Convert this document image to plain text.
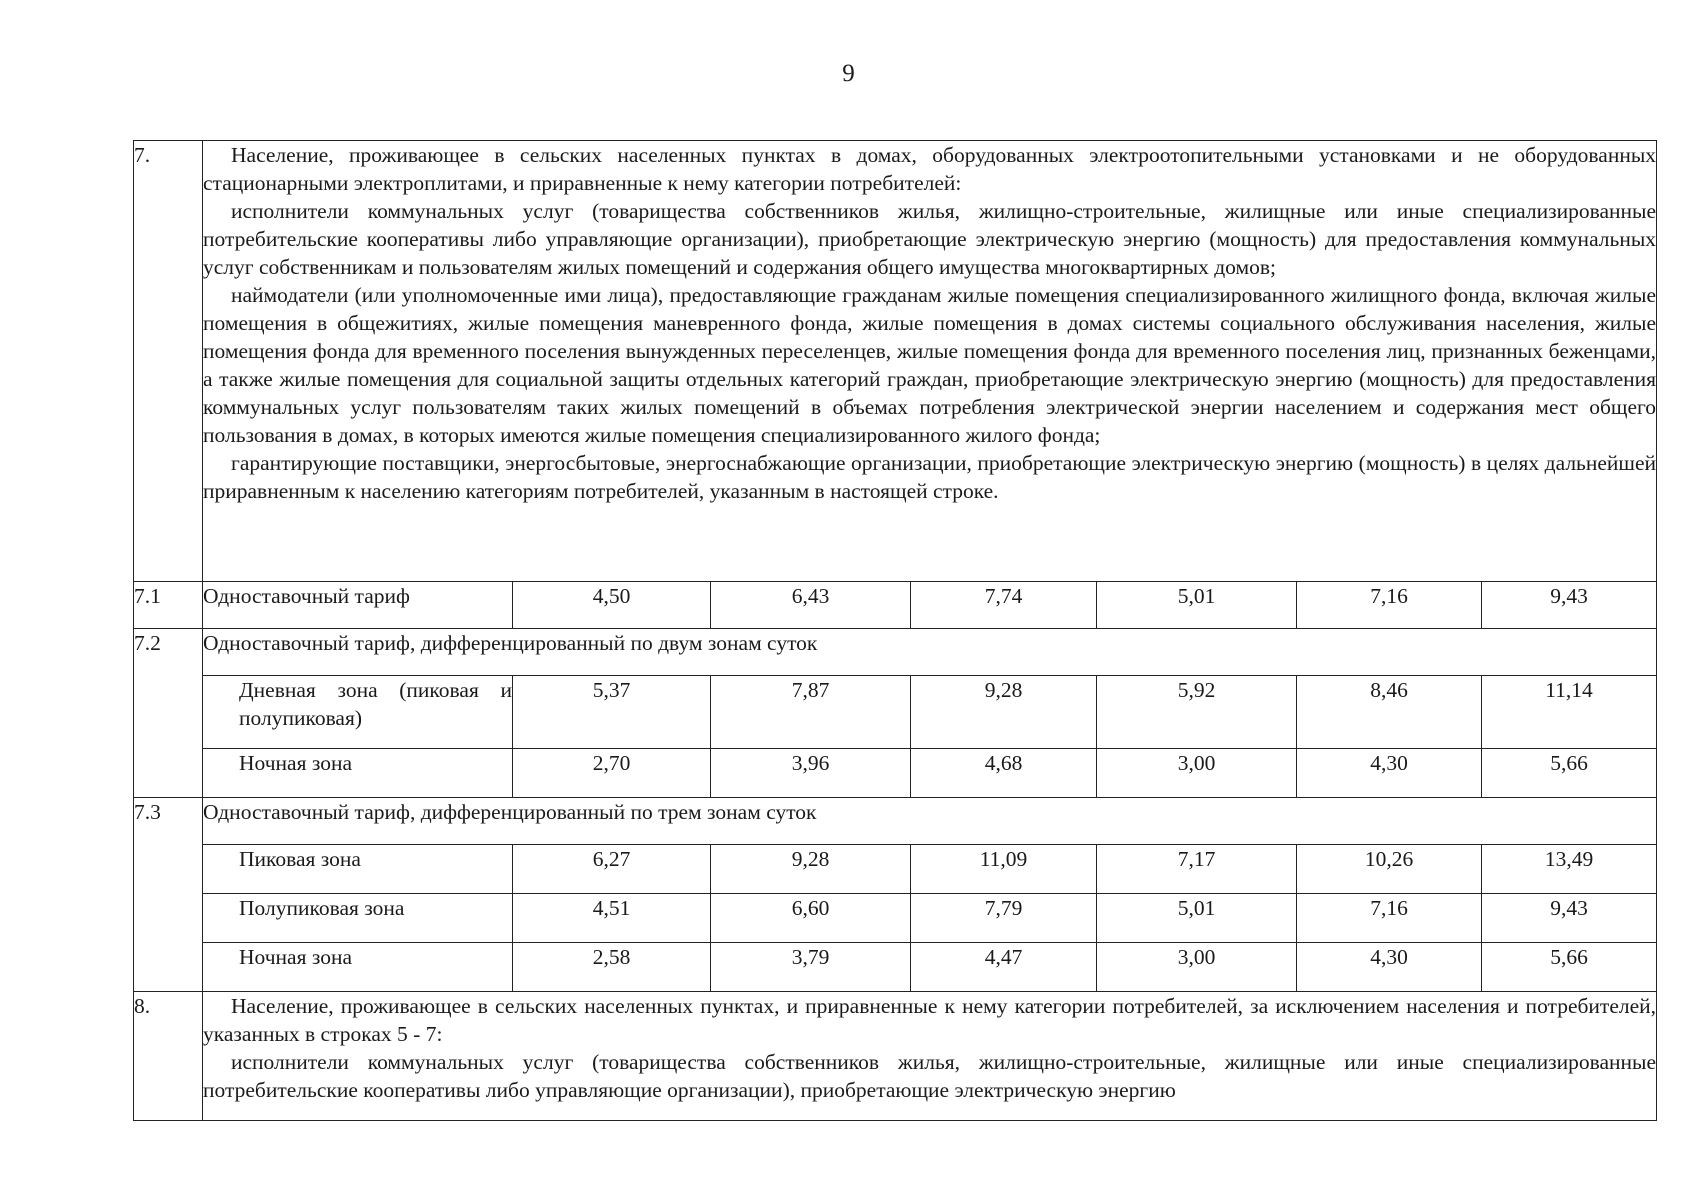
9
7.	Население, проживающее в сельских населенных пунктах в домах, оборудованных электроотопительными установками и не оборудованных стационарными электроплитами, и приравненные к нему категории потребителей:

исполнители коммунальных услуг (товарищества собственников жилья, жилищно-строительные, жилищные или иные специализированные потребительские кооперативы либо управляющие организации), приобретающие электрическую энергию (мощность) для предоставления коммунальных услуг собственникам и пользователям жилых помещений и содержания общего имущества многоквартирных домов;

наймодатели (или уполномоченные ими лица), предоставляющие гражданам жилые помещения специализированного жилищного фонда, включая жилые помещения в общежитиях, жилые помещения маневренного фонда, жилые помещения в домах системы социального обслуживания населения, жилые помещения фонда для временного поселения вынужденных переселенцев, жилые помещения фонда для временного поселения лиц, признанных беженцами, а также жилые помещения для социальной защиты отдельных категорий граждан, приобретающие электрическую энергию (мощность) для предоставления коммунальных услуг пользователям таких жилых помещений в объемах потребления электрической энергии населением и содержания мест общего пользования в домах, в которых имеются жилые помещения специализированного жилого фонда;

гарантирующие поставщики, энергосбытовые, энергоснабжающие организации, приобретающие электрическую энергию (мощность) в целях дальнейшей приравненным к населению категориям потребителей, указанным в настоящей строке.						

7.1	Одноставочный тариф	4,50	6,43	7,74	5,01	7,16	9,43
7.2	Одноставочный тариф, дифференцированный по двум зонам суток						
	Дневная зона (пиковая и полупиковая)	5,37	7,87	9,28	5,92	8,46	11,14
	Ночная зона	2,70	3,96	4,68	3,00	4,30	5,66
7.3	Одноставочный тариф, дифференцированный по трем зонам суток						
	Пиковая зона	6,27	9,28	11,09	7,17	10,26	13,49
	Полупиковая зона	4,51	6,60	7,79	5,01	7,16	9,43
	Ночная зона	2,58	3,79	4,47	3,00	4,30	5,66
8.	Население, проживающее в сельских населенных пунктах, и приравненные к нему категории потребителей, за исключением населения и потребителей, указанных в строках 5 - 7:

исполнители коммунальных услуг (товарищества собственников жилья, жилищно-строительные, жилищные или иные специализированные потребительские кооперативы либо управляющие организации), приобретающие электрическую энергию						
